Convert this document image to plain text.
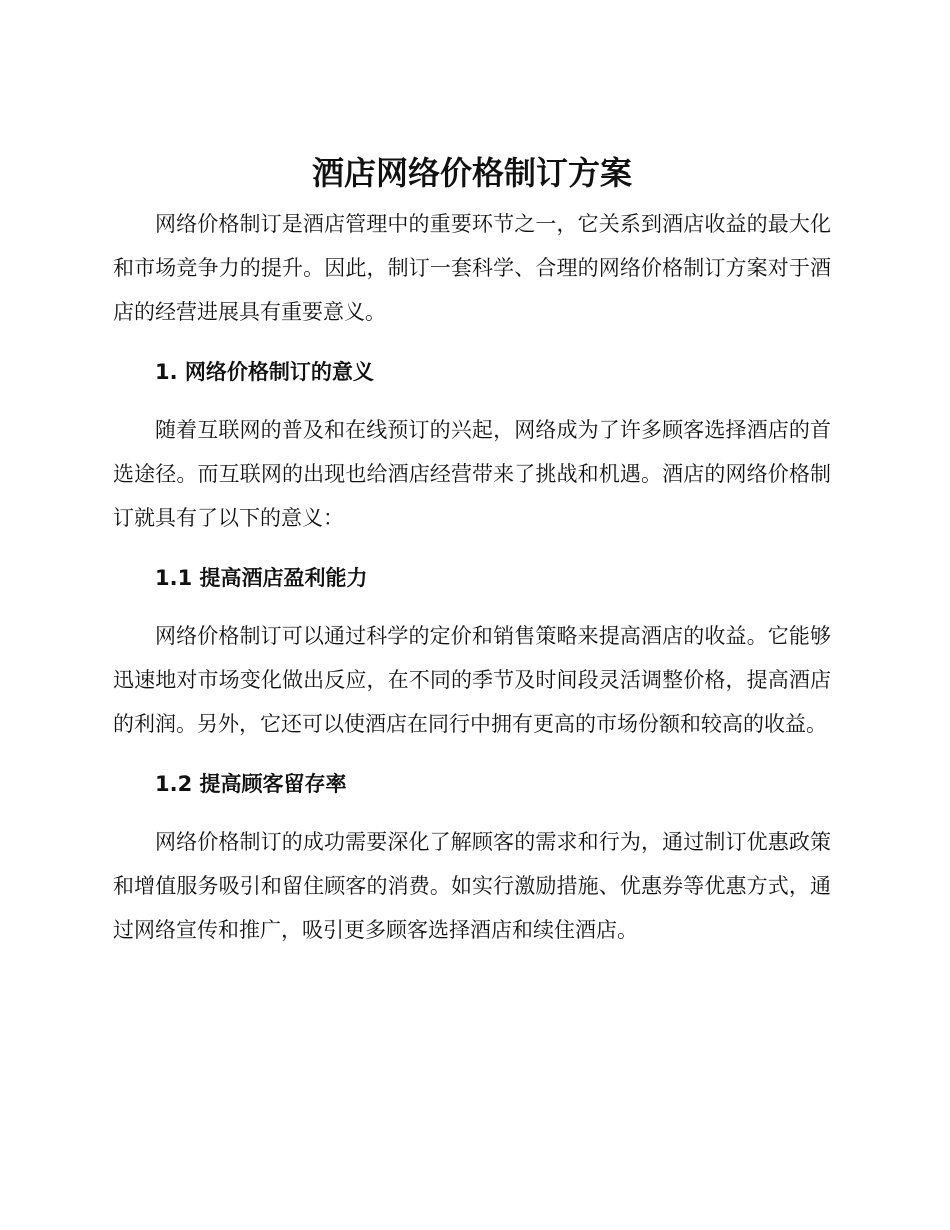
酒店网络价格制订方案

网络价格制订是酒店管理中的重要环节之一，它关系到酒店收益的最大化和市场竞争力的提升。因此，制订一套科学、合理的网络价格制订方案对于酒店的经营进展具有重要意义。

1. 网络价格制订的意义

随着互联网的普及和在线预订的兴起，网络成为了许多顾客选择酒店的首选途径。而互联网的出现也给酒店经营带来了挑战和机遇。酒店的网络价格制订就具有了以下的意义：

1.1 提高酒店盈利能力

网络价格制订可以通过科学的定价和销售策略来提高酒店的收益。它能够迅速地对市场变化做出反应，在不同的季节及时间段灵活调整价格，提高酒店的利润。另外，它还可以使酒店在同行中拥有更高的市场份额和较高的收益。

1.2 提高顾客留存率

网络价格制订的成功需要深化了解顾客的需求和行为，通过制订优惠政策和增值服务吸引和留住顾客的消费。如实行激励措施、优惠券等优惠方式，通过网络宣传和推广，吸引更多顾客选择酒店和续住酒店。
